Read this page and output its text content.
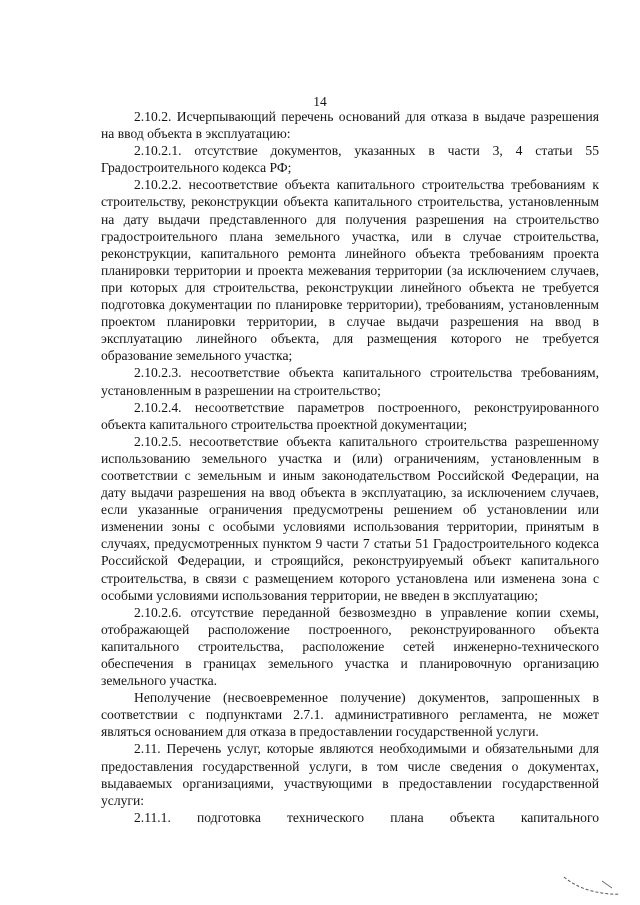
14

2.10.2. Исчерпывающий перечень оснований для отказа в выдаче разрешения на ввод объекта в эксплуатацию:

2.10.2.1. отсутствие документов, указанных в части 3, 4 статьи 55 Градостроительного кодекса РФ;

2.10.2.2. несоответствие объекта капитального строительства требованиям к строительству, реконструкции объекта капитального строительства, установленным на дату выдачи представленного для получения разрешения на строительство градостроительного плана земельного участка, или в случае строительства, реконструкции, капитального ремонта линейного объекта требованиям проекта планировки территории и проекта межевания территории (за исключением случаев, при которых для строительства, реконструкции линейного объекта не требуется подготовка документации по планировке территории), требованиям, установленным проектом планировки территории, в случае выдачи разрешения на ввод в эксплуатацию линейного объекта, для размещения которого не требуется образование земельного участка;

2.10.2.3. несоответствие объекта капитального строительства требованиям, установленным в разрешении на строительство;

2.10.2.4. несоответствие параметров построенного, реконструированного объекта капитального строительства проектной документации;

2.10.2.5. несоответствие объекта капитального строительства разрешенному использованию земельного участка и (или) ограничениям, установленным в соответствии с земельным и иным законодательством Российской Федерации, на дату выдачи разрешения на ввод объекта в эксплуатацию, за исключением случаев, если указанные ограничения предусмотрены решением об установлении или изменении зоны с особыми условиями использования территории, принятым в случаях, предусмотренных пунктом 9 части 7 статьи 51 Градостроительного кодекса Российской Федерации, и строящийся, реконструируемый объект капитального строительства, в связи с размещением которого установлена или изменена зона с особыми условиями использования территории, не введен в эксплуатацию;

2.10.2.6. отсутствие переданной безвозмездно в управление копии схемы, отображающей расположение построенного, реконструированного объекта капитального строительства, расположение сетей инженерно-технического обеспечения в границах земельного участка и планировочную организацию земельного участка.

Неполучение (несвоевременное получение) документов, запрошенных в соответствии с подпунктами 2.7.1. административного регламента, не может являться основанием для отказа в предоставлении государственной услуги.

2.11. Перечень услуг, которые являются необходимыми и обязательными для предоставления государственной услуги, в том числе сведения о документах, выдаваемых организациями, участвующими в предоставлении государственной услуги:

2.11.1. подготовка технического плана объекта капитального
